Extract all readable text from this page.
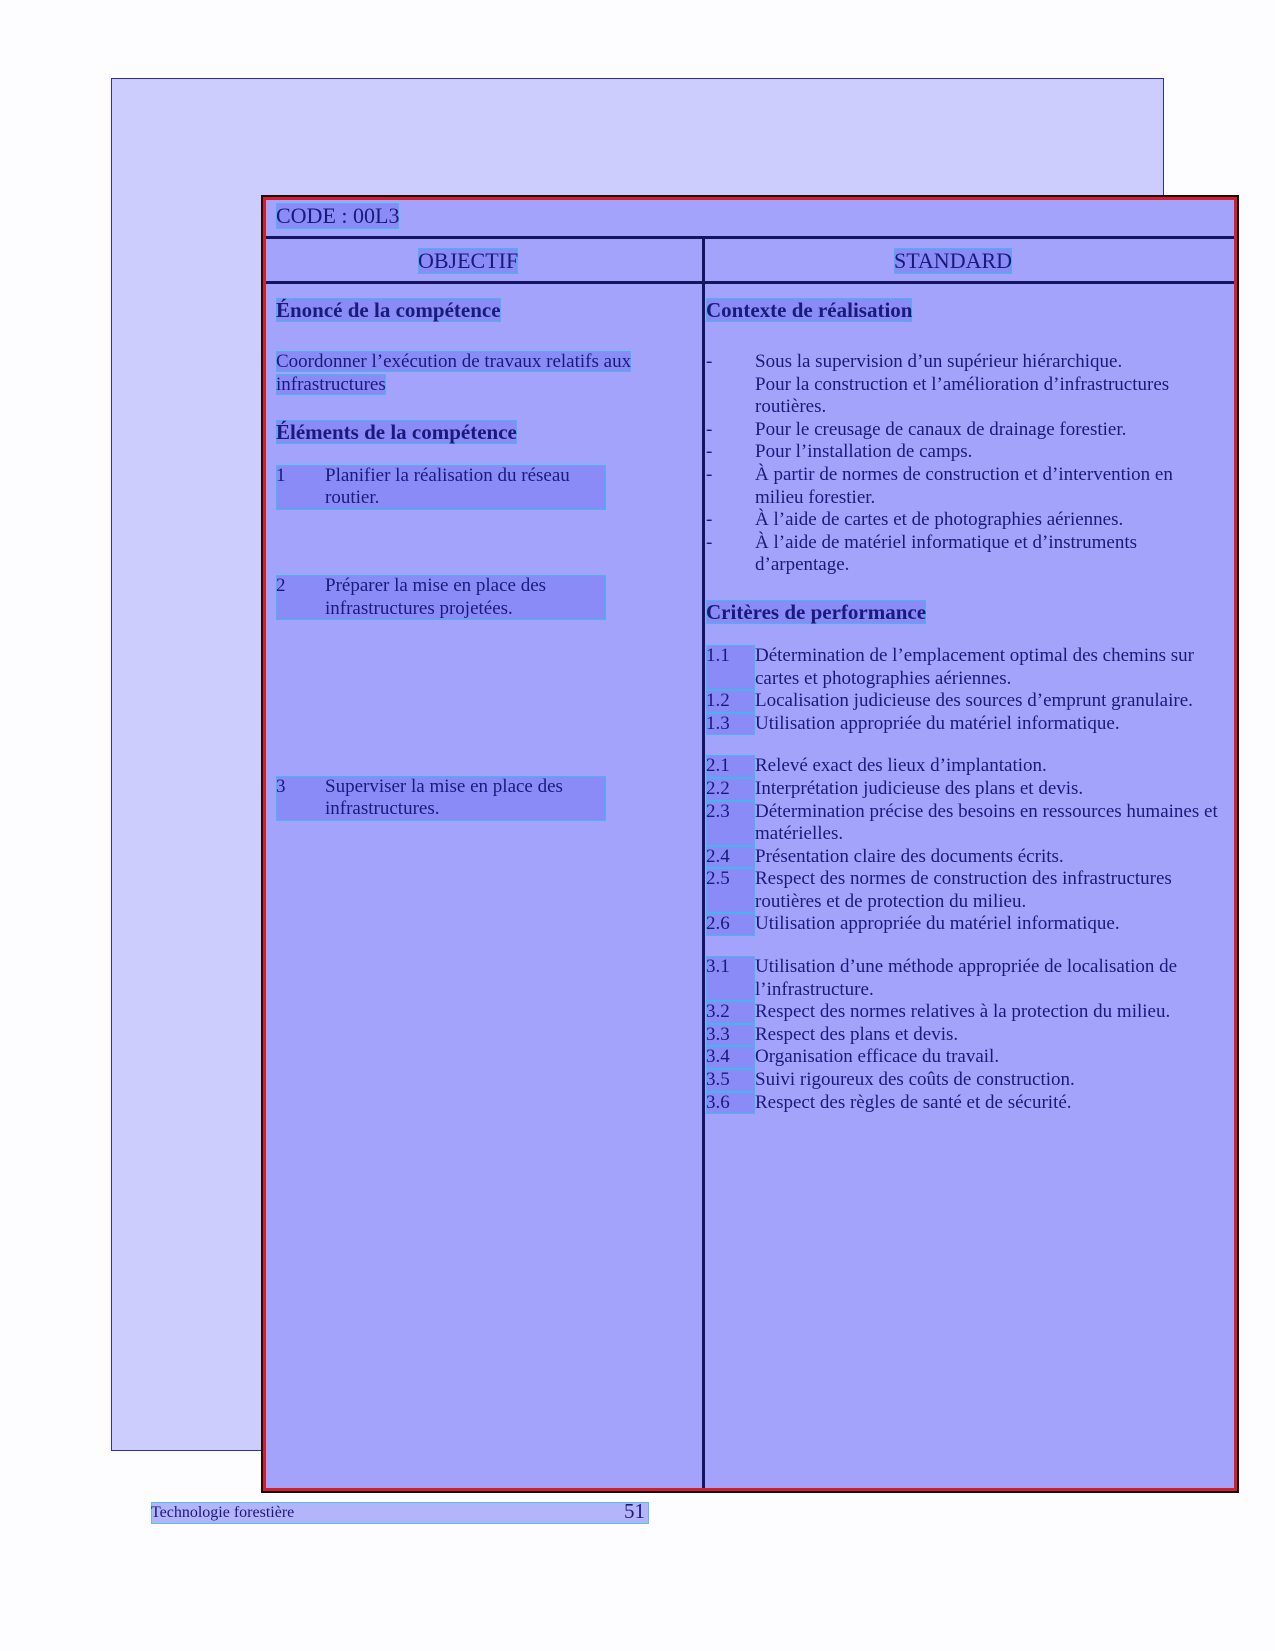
CODE : 00L3
OBJECTIF	STANDARD

Énoncé de la compétence

Coordonner l’exécution de travaux relatifs aux infrastructures

Éléments de la compétence

1	Planifier la réalisation du réseau routier.
2	Préparer la mise en place des infrastructures projetées.
3	Superviser la mise en place des infrastructures.

Contexte de réalisation

-	Sous la supervision d’un supérieur hiérarchique.
Pour la construction et l’amélioration d’infrastructures routières.
-	Pour le creusage de canaux de drainage forestier.
-	Pour l’installation de camps.
-	À partir de normes de construction et d’intervention en milieu forestier.
-	À l’aide de cartes et de photographies aériennes.
-	À l’aide de matériel informatique et d’instruments d’arpentage.

Critères de performance

1.1	Détermination de l’emplacement optimal des chemins sur cartes et photographies aériennes.
1.2	Localisation judicieuse des sources d’emprunt granulaire.
1.3	Utilisation appropriée du matériel informatique.
2.1	Relevé exact des lieux d’implantation.
2.2	Interprétation judicieuse des plans et devis.
2.3	Détermination précise des besoins en ressources humaines et matérielles.
2.4	Présentation claire des documents écrits.
2.5	Respect des normes de construction des infrastructures routières et de protection du milieu.
2.6	Utilisation appropriée du matériel informatique.
3.1	Utilisation d’une méthode appropriée de localisation de l’infrastructure.
3.2	Respect des normes relatives à la protection du milieu.
3.3	Respect des plans et devis.
3.4	Organisation efficace du travail.
3.5	Suivi rigoureux des coûts de construction.
3.6	Respect des règles de santé et de sécurité.
Technologie forestière	51
